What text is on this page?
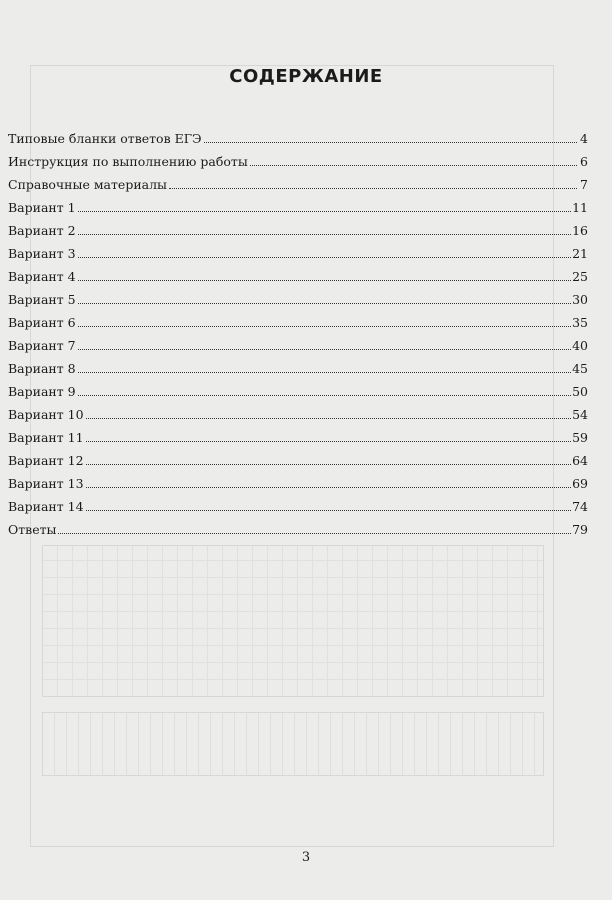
СОДЕРЖАНИЕ
Типовые бланки ответов ЕГЭ	4
Инструкция по выполнению работы	6
Справочные материалы	7
Вариант 1	11
Вариант 2	16
Вариант 3	21
Вариант 4	25
Вариант 5	30
Вариант 6	35
Вариант 7	40
Вариант 8	45
Вариант 9	50
Вариант 10	54
Вариант 11	59
Вариант 12	64
Вариант 13	69
Вариант 14	74
Ответы	79
3
